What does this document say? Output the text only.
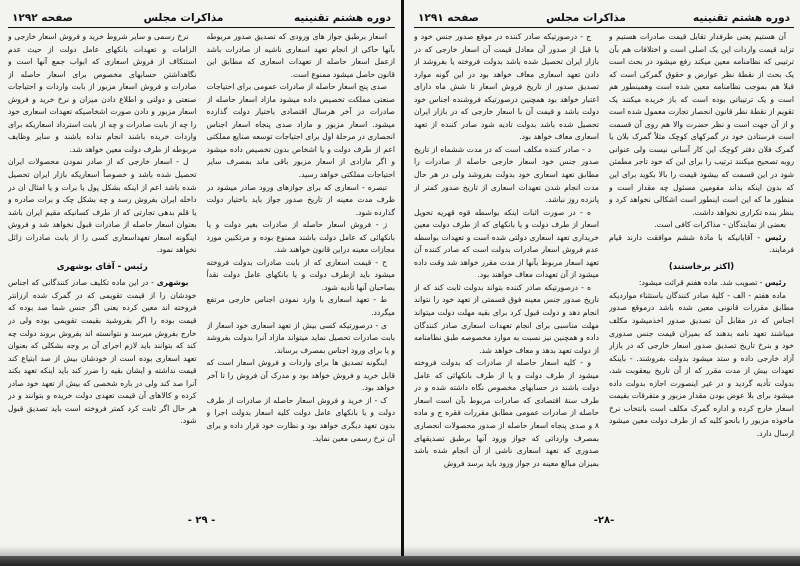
دوره هشتم تقنینیه
مذاکرات مجلس
صفحه ۱۲۹۲

اسعار برطبق جواز های ورودی که تصدیق صدور مربوطه بآنها حاکی از انجام تعهد اسعاری ناشیه از صادرات باشد ازعمل اسعار حاصله از تعهدات اسعاری که مطابق این قانون حاصل میشود ممنوع است.

صدی پنج اسعار حاصله از صادرات عمومی برای احتیاجات صنعتی مملکت تخصیص داده میشود مازاد اسعار حاصله از صادرات در آخر هرسال اقتصادی باختیار دولت گذارده میشود. اسعار مزبور و مازاد صدی پنجاه اسعار اجناس انحصاری در مرحلهٔ اول برای احتیاجات توسعه صنایع مملکتی اعم از طرف دولت و یا اشخاص بدون تخصیص داده میشود و اگر مازادی از اسعار مزبور باقی ماند بمصرف سایر احتیاجات مملکتی خواهد رسید.

تبصره - اسعاری که برای جوازهای ورود صادر میشود در ظرف مدت معینه از تاریخ صدور جواز باید باختیار دولت گذارده شود.

ز - فروش اسعار حاصله از صادرات بغیر دولت و یا بانکهائی که عامل دولت باشند ممنوع بوده و مرتکبین مورد مجازات معینه دراین قانون خواهند شد.

ح - قیمت اسعاری که از بابت صادرات بدولت فروخته میشود باید ازطرف دولت و یا بانکهای عامل دولت نقداً بصاحبان آنها تأدیه شود.

ط - تعهد اسعاری با وارد نمودن اجناس خارجی مرتفع میگردد.

ی - درصورتیکه کسی بیش از تعهد اسعاری خود اسعار از بابت صادرات تحصیل نماید میتواند مازاد آنرا بدولت بفروشد و یا برای ورود اجناس بمصرف برساند.

اینگونه تصدیق ها برای واردات و فروش اسعار است که قابل خرید و فروش خواهد بود و مدرک آن فروش را تا آخر خواهد بود.

ک - از خرید و فروش اسعار حاصله از صادرات از طرف دولت و یا بانکهای عامل دولت کلیه اسعار بدولت اجرا و بدون تعهد دیگری خواهد بود و نظارت خود قرار داده و برای آن نرخ رسمی معین نماید.

نرخ رسمی و سایر شروط خرید و فروش اسعار خارجی و الزامات و تعهدات بانکهای عامل دولت از حیث عدم استنکاف از فروش اسعاری که ابواب جمع آنها است و نگاهداشتن حسابهای مخصوص برای اسعار حاصله از صادرات و فروش اسعار مزبور از بابت واردات و احتیاجات صنعتی و دولتی و اطلاع دادن میزان و نرخ خرید و فروش اسعار مزبور و دادن صورت اشخاصیکه تعهدات اسعاری خود را چه از بابت صادرات و چه از بابت استرداد اسعاریکه برای واردات خریده باشند انجام نداده باشند و سایر وظایف مربوطه از طرف دولت معین خواهد شد.

ل - اسعار خارجی که از صادر نمودن محصولات ایران تحصیل شده باشد و خصوصاً اسعاریکه بازار ایران تحصیل شده باشد اعم از اینکه بشکل پول یا برات و یا امثال ان در داخله ایران بفروش رسد و چه بشکل چک و برات صادره و یا قلم بدهی تجارتی که از طرف کسانیکه مقیم ایران باشد بعنوان اسعار حاصله از صادرات قبول نخواهد شد و فروش اینگونه اسعار تعهداسعاری کسی را از بابت صادرات زائل نخواهد نمود.

رئیس - آقای بوشهری

بوشهری - در این ماده تکلیف صادر کنندگانی که اجناس خودشان را از قیمت تقویمی که در گمرک شده ارزانتر فروخته اند معین کرده یعنی اگر جنس شما صد بوده که قیمت بوده را اگر بفروشید بقیمت تقویمی بوده ولی در خارج بفروش میرسد و نتوانسته اند بفروش بروند دولت چه کند که بتوانند باید لازم اجرای آن بر وجه بشکلی که بعنوان تعهد اسعاری بوده است از خودشان بیش از صد ابتیاع کند قیمت نداشته و ایشان بقیه را ضرر کند باید اینکه تعهد بکند آنرا صد کند ولی در باره شخصی که بیش از تعهد خود صادر کرده و کالاهای آن قیمت تعهدی دولت خریده و بتوانند و در هر حال اگر ثابت کرد کمتر فروخته است باید تصدیق قبول شود.

- ۲۹ -
دوره هشتم تقنینیه
مذاکرات مجلس
صفحه ۱۲۹۱

آن هستیم یعنی طرفدار تقابل قیمت صادرات هستیم و تزاید قیمت واردات این یک اصلی است و اختلافات هم بآن ترتیبی که نظامنامه معین میکند رفع میشود در بحث است یک بحث از نقطهٔ نظر عوارض و حقوق گمرکی است که قبلا هم بموجب نظامنامه معین شده است وهمینطور هم است و یک ترتیباتی بوده است که باز خریده میکنند یک تقویم از نقطهٔ نظر قانون انحصار تجارت معمول شده است و از آن جهت است و نظر حضرت والا هم روی آن قسمت است فرستادن خود در گمرکهای کوچک مثلاً گمرک بلان یا گمرک فلان دفتر کوچک این کار آسانی نیست ولی عنوانی روبه تصحیح میکنند ترتیب را برای این که خود تاجر مطمئن شود در این قسمت که بیشود قیمت را بالا بکوید برای این که بدون اینکه بداند مقومین مسئول چه مقدار است و منظور ما که این است اینطور است اشکالی نخواهد کرد و بنظر بنده تکراری نخواهد داشت.

بعضی از نمایندگان - مذاکرات کافی است.

رئیس - آقایانیکه با مادهٔ ششم موافقت دارند قیام فرمایند.

(اکثر برخاستند)

رئیس - تصویب شد. ماده هفتم قرائت میشود:

ماده هفتم - الف - کلیهٔ صادر کنندگان باستثناء مواردیکه مطابق مقررات قانونی معین شده باشد درموقع صدور اجناس که در مقابل آن تصدیق صدور اخذمیشود مکلف میباشند تعهد نامه بدهند که بمیزان قیمت جنس صدوری خود و بنرخ تاریخ تصدیق صدور اسعار خارجی که در بازار آزاد خارجی داده و ستد میشود بدولت بفروشند. - باینکه تعهدات بیش از مدت مقرر که از آن تاریخ بیعقوبت شد، بدولت تأدیه گردید و در غیر اینصورت اجازه بدولت داده میشود برای بلا عوض بودن مقدار مزبور و متفرقات بقیمت اسعار خارج کرده و اداره گمرک مکلف است بانتخاب نرخ ماخوذه مزبور را بانحو کلیه که از طرف دولت معین میشود ارسال دارد.

ج - درصورتیکه صادر کننده در موقع صدور جنس خود و یا قبل از صدور آن معادل قیمت آن اسعار خارجی که در بازار ایران تحصیل شده باشد بدولت فروخته یا بفروشد از دادن تعهد اسعاری معاف خواهد بود در این گونه موارد تصدیق صدور از تاریخ فروش اسعار تا شش ماه دارای اعتبار خواهد بود همچنین درصورتیکه فروشنده اجناس خود دولت باشد و قیمت آن با اسعار خارجی که در بازار ایران تحصیل شده باشد بدولت تادیه شود صادر کننده از تعهد اسعاری معاف خواهد بود.

د - صادر کننده مکلف است که در مدت ششماه از تاریخ صدور جنس خود اسعار خارجی حاصله از صادرات را مطابق تعهد اسعاری خود بدولت بفروشد ولی در هر حال مدت انجام شدن تعهدات اسعاری از تاریخ صدور کمتر از پانزده روز نباشد.

ه - در صورت اثبات اینکه بواسطه قوه قهریه تحویل اسعار از طرف دولت و یا بانکهای که از طرف دولت معین خریداری تعهد اسعاری دولتی شده است و تعهدات بواسطه عدم فروش اسعار صادرات بدولت است که صادر کننده آن تعهد اسعار مربوط بآنها از مدت مقرر خواهد شد وقت داده میشود از آن تعهدات معاف خواهند بود.

ه - درصورتیکه صادر کننده بتواند بدولت ثابت کند که از تاریخ صدور جنس معینه فوق قسمتی از تعهد خود را نتواند انجام دهد و دولت قبول کرد برای بقیه مهلت دولت میتواند مهلت مناسبی برای انجام تعهدات اسعاری صادر کنندگان داده و همچنین نیز نسبت به موارد مخصوصه طبق نظامنامه از دولت تعهد بدهد و معاف خواهد شد.

و - کلیه اسعار حاصله از صادرات که بدولت فروخته میشود از طرف دولت و یا از طرف بانکهائی که عامل دولت باشند در حسابهای مخصوص نگاه داشته شده و در طرف سنهٔ اقتصادی که صادرات مربوط بآن است اسعار حاصله از صادرات عمومی مطابق مقررات فقره ج و ماده ۸ و صدی پنجاه اسعار حاصله از صدور محصولات انحصاری بمصرف وارداتی که جواز ورود آنها برطبق تصدیقهای صدوری که تعهد اسعاری ناشی از آن انجام شده باشد بمیزان مبالغ معینه در جواز ورود باید برسد فروش

-۲۸-
